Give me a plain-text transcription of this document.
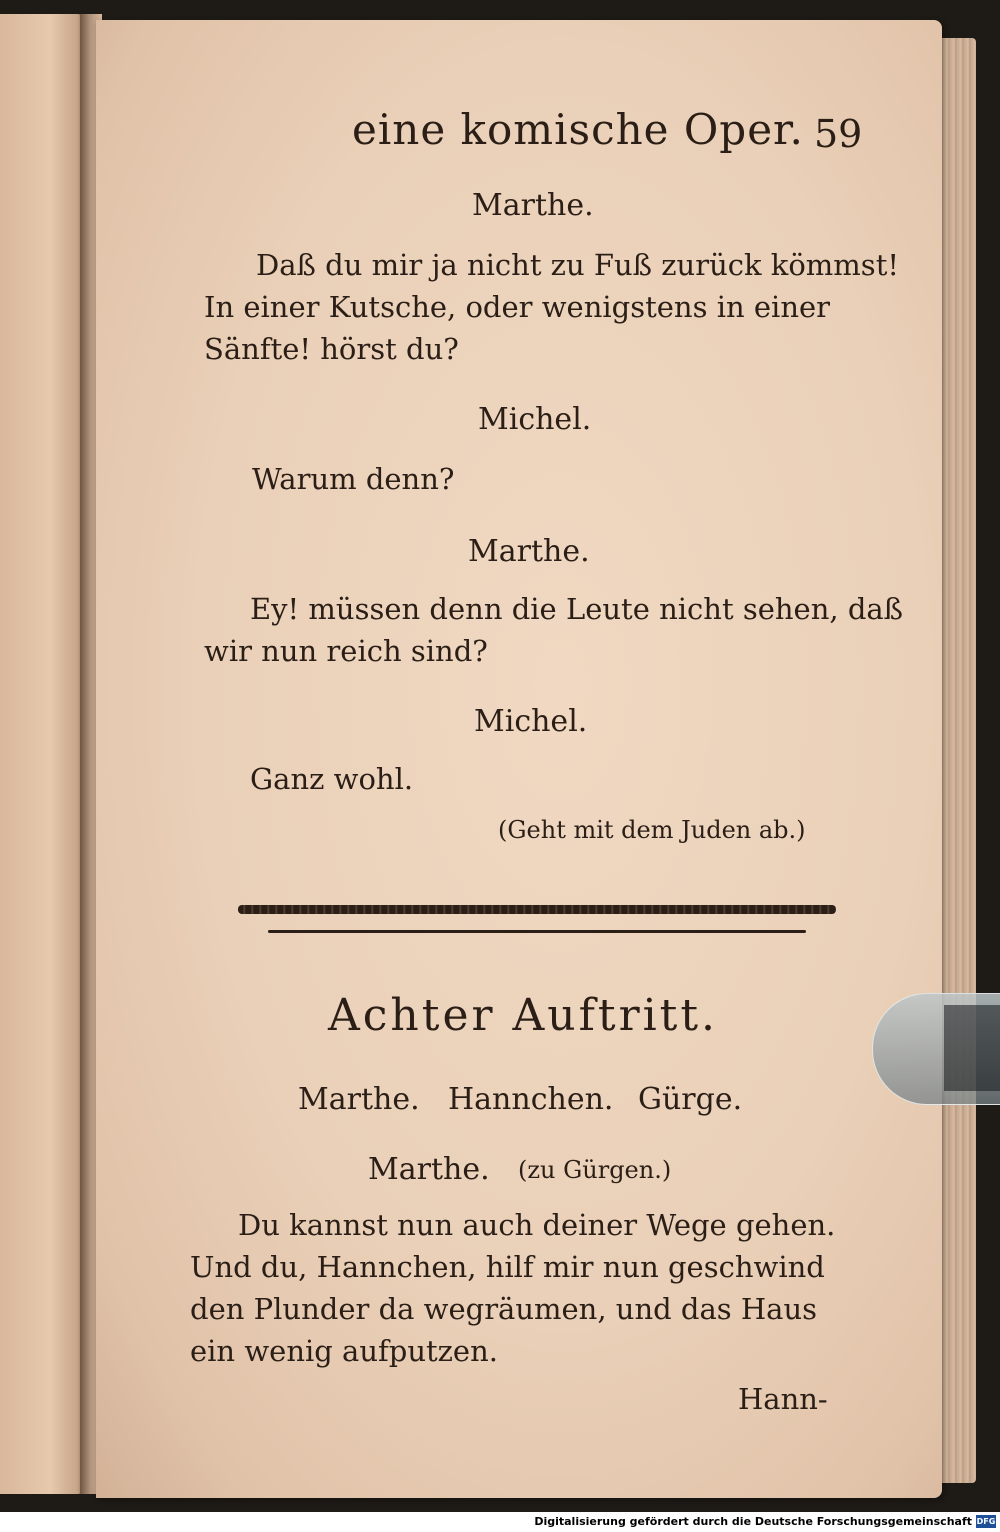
eine komische Oper. 59
Marthe.
Daß du mir ja nicht zu Fuß zurück kömmst!
In einer Kutsche, oder wenigstens in einer
Sänfte! hörst du?
Michel.
Warum denn?
Marthe.
Ey! müssen denn die Leute nicht sehen, daß
wir nun reich sind?
Michel.
Ganz wohl.
(Geht mit dem Juden ab.)
Achter Auftritt.
Marthe. Hannchen. Gürge.
Marthe. (zu Gürgen.)
Du kannst nun auch deiner Wege gehen.
Und du, Hannchen, hilf mir nun geschwind
den Plunder da wegräumen, und das Haus
ein wenig aufputzen.
Hann-
Digitalisierung gefördert durch die Deutsche Forschungsgemeinschaft DFG
